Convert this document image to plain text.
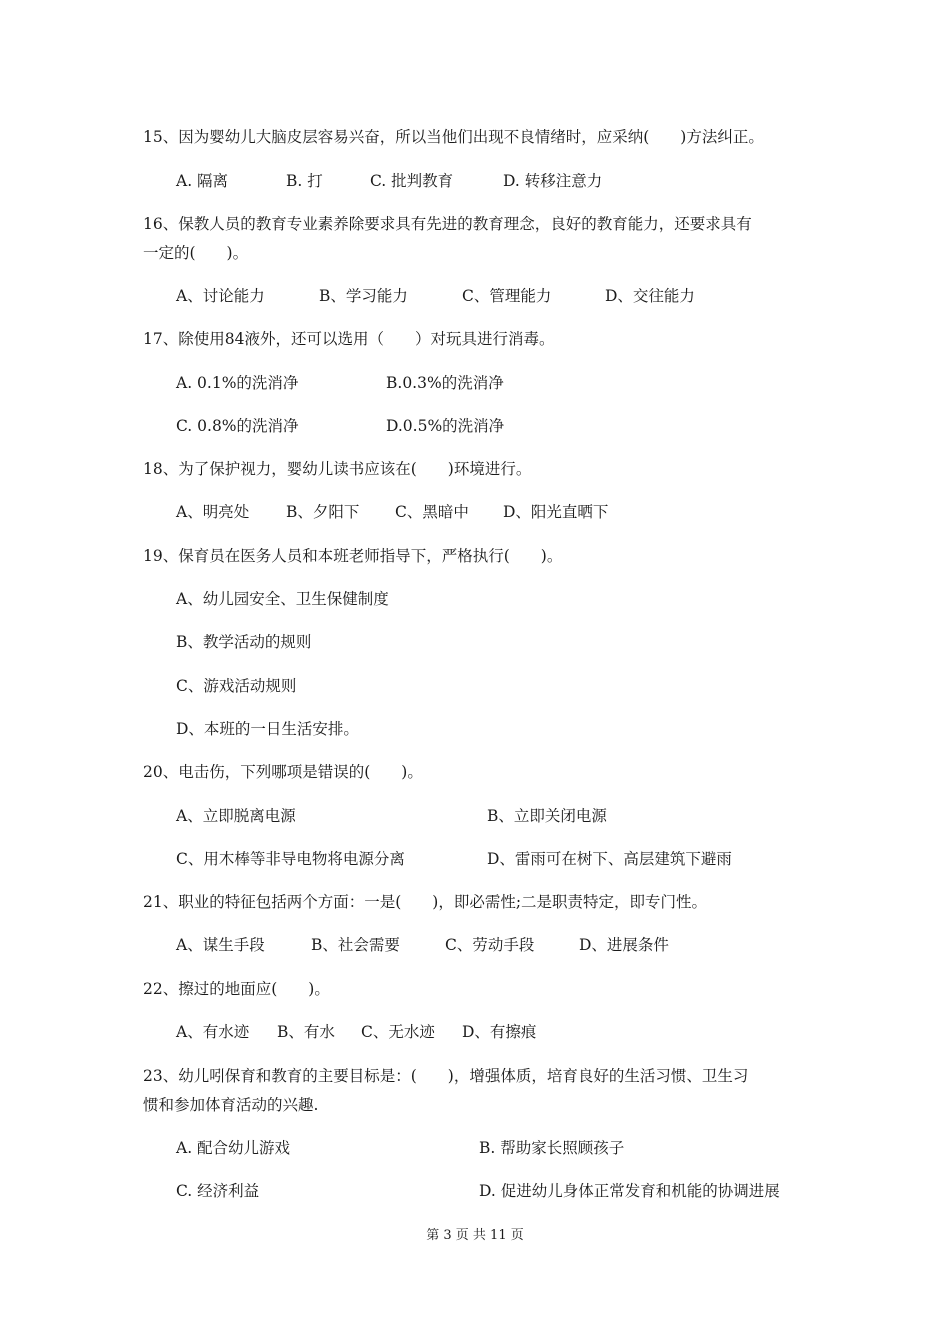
15、因为婴幼儿大脑皮层容易兴奋，所以当他们出现不良情绪时，应采纳(　　)方法纠正。
A. 隔离	B. 打	C. 批判教育	D. 转移注意力
16、保教人员的教育专业素养除要求具有先进的教育理念，良好的教育能力，还要求具有
一定的(　　)。
A、讨论能力	B、学习能力	C、管理能力	D、交往能力
17、除使用84液外，还可以选用（　　）对玩具进行消毒。
A. 0.1%的洗消净	B.0.3%的洗消净
C. 0.8%的洗消净	D.0.5%的洗消净
18、为了保护视力，婴幼儿读书应该在(　　)环境进行。
A、明亮处 B、夕阳下 C、黑暗中 D、阳光直晒下
19、保育员在医务人员和本班老师指导下，严格执行(　　)。
A、幼儿园安全、卫生保健制度
B、教学活动的规则
C、游戏活动规则
D、本班的一日生活安排。
20、电击伤，下列哪项是错误的(　　)。
A、立即脱离电源	B、立即关闭电源
C、用木棒等非导电物将电源分离	D、雷雨可在树下、高层建筑下避雨
21、职业的特征包括两个方面：一是(　　)，即必需性;二是职责特定，即专门性。
A、谋生手段	B、社会需要	C、劳动手段	D、进展条件
22、擦过的地面应(　　)。
A、有水迹 B、有水 C、无水迹 D、有擦痕
23、幼儿吲保育和教育的主要目标是：(　　)，增强体质，培育良好的生活习惯、卫生习
惯和参加体育活动的兴趣.
A. 配合幼儿游戏	B. 帮助家长照顾孩子
C. 经济利益	D. 促进幼儿身体正常发育和机能的协调进展
第 3 页 共 11 页
